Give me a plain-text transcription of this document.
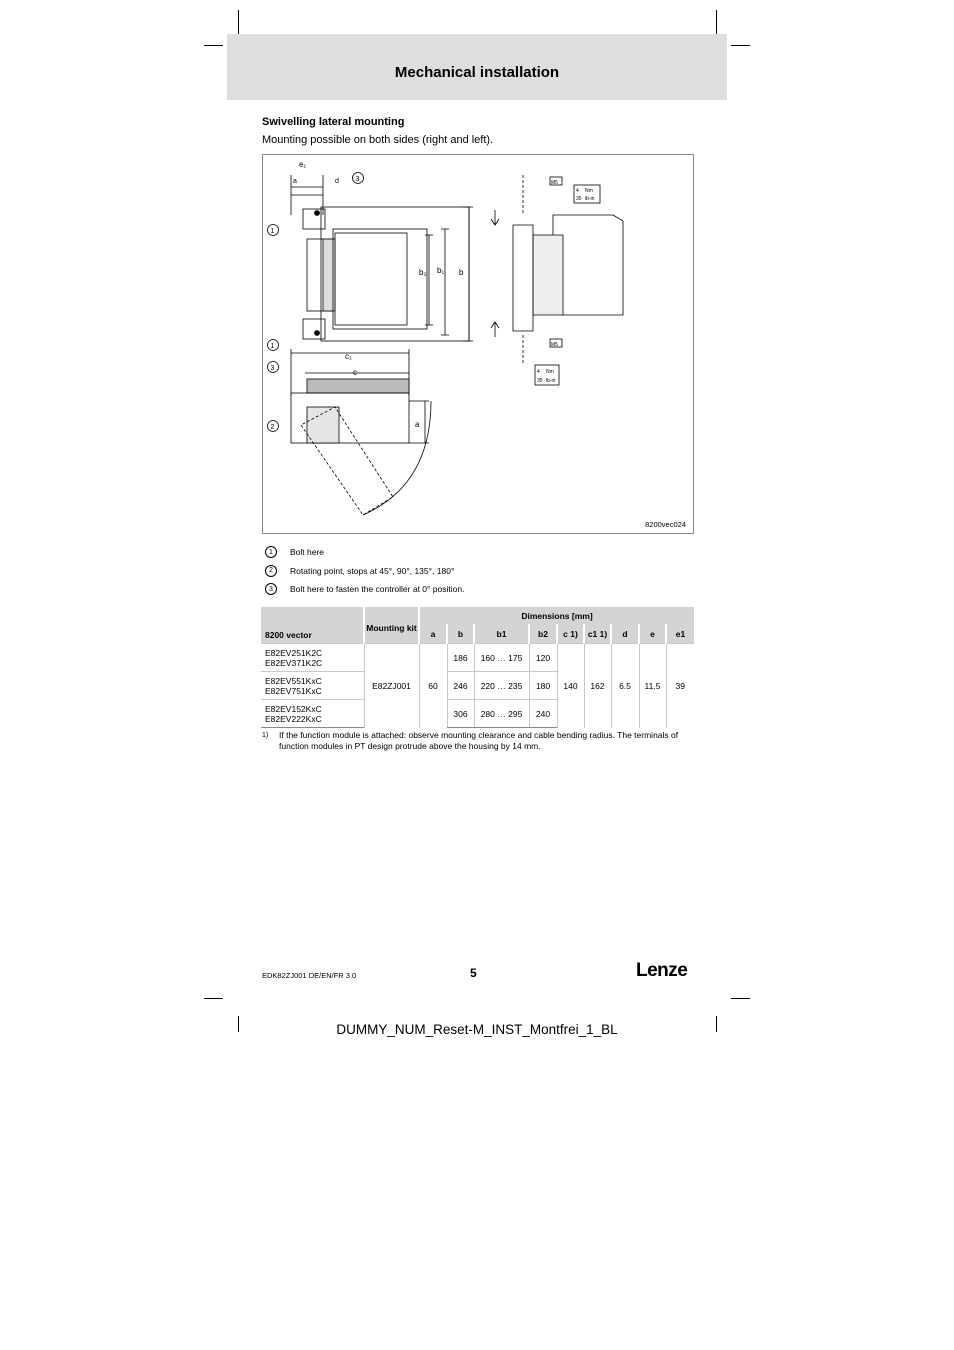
Mechanical installation
Swivelling lateral mounting
Mounting possible on both sides (right and left).
e₁
a	d
b
b₁
b₂
1
3
1
3
c₁
c
a
2
M5
4 Nm
35 lb-in
M5
4 Nm
35 lb-in
8200vec024
1	Bolt here
2	Rotating point, stops at 45°, 90°, 135°, 180°
3	Bolt here to fasten the controller at 0° position.
8200 vector	Mounting kit	Dimensions [mm]								
		a	b	b1	b2	c 1)	c1 1)	d	e	e1

E82EV251K2C
E82EV371K2C	E82ZJ001	60	186	160 … 175	120	140	162	6.5	11.5	39

E82EV551KxC
E82EV751KxC			246	220 … 235	180					

E82EV152KxC
E82EV222KxC			306	280 … 295	240					
1) If the function module is attached: observe mounting clearance and cable bending radius. The terminals of function modules in PT design protrude above the housing by 14 mm.
EDK82ZJ001 DE/EN/FR 3.0	5	Lenze
DUMMY_NUM_Reset-M_INST_Montfrei_1_BL
